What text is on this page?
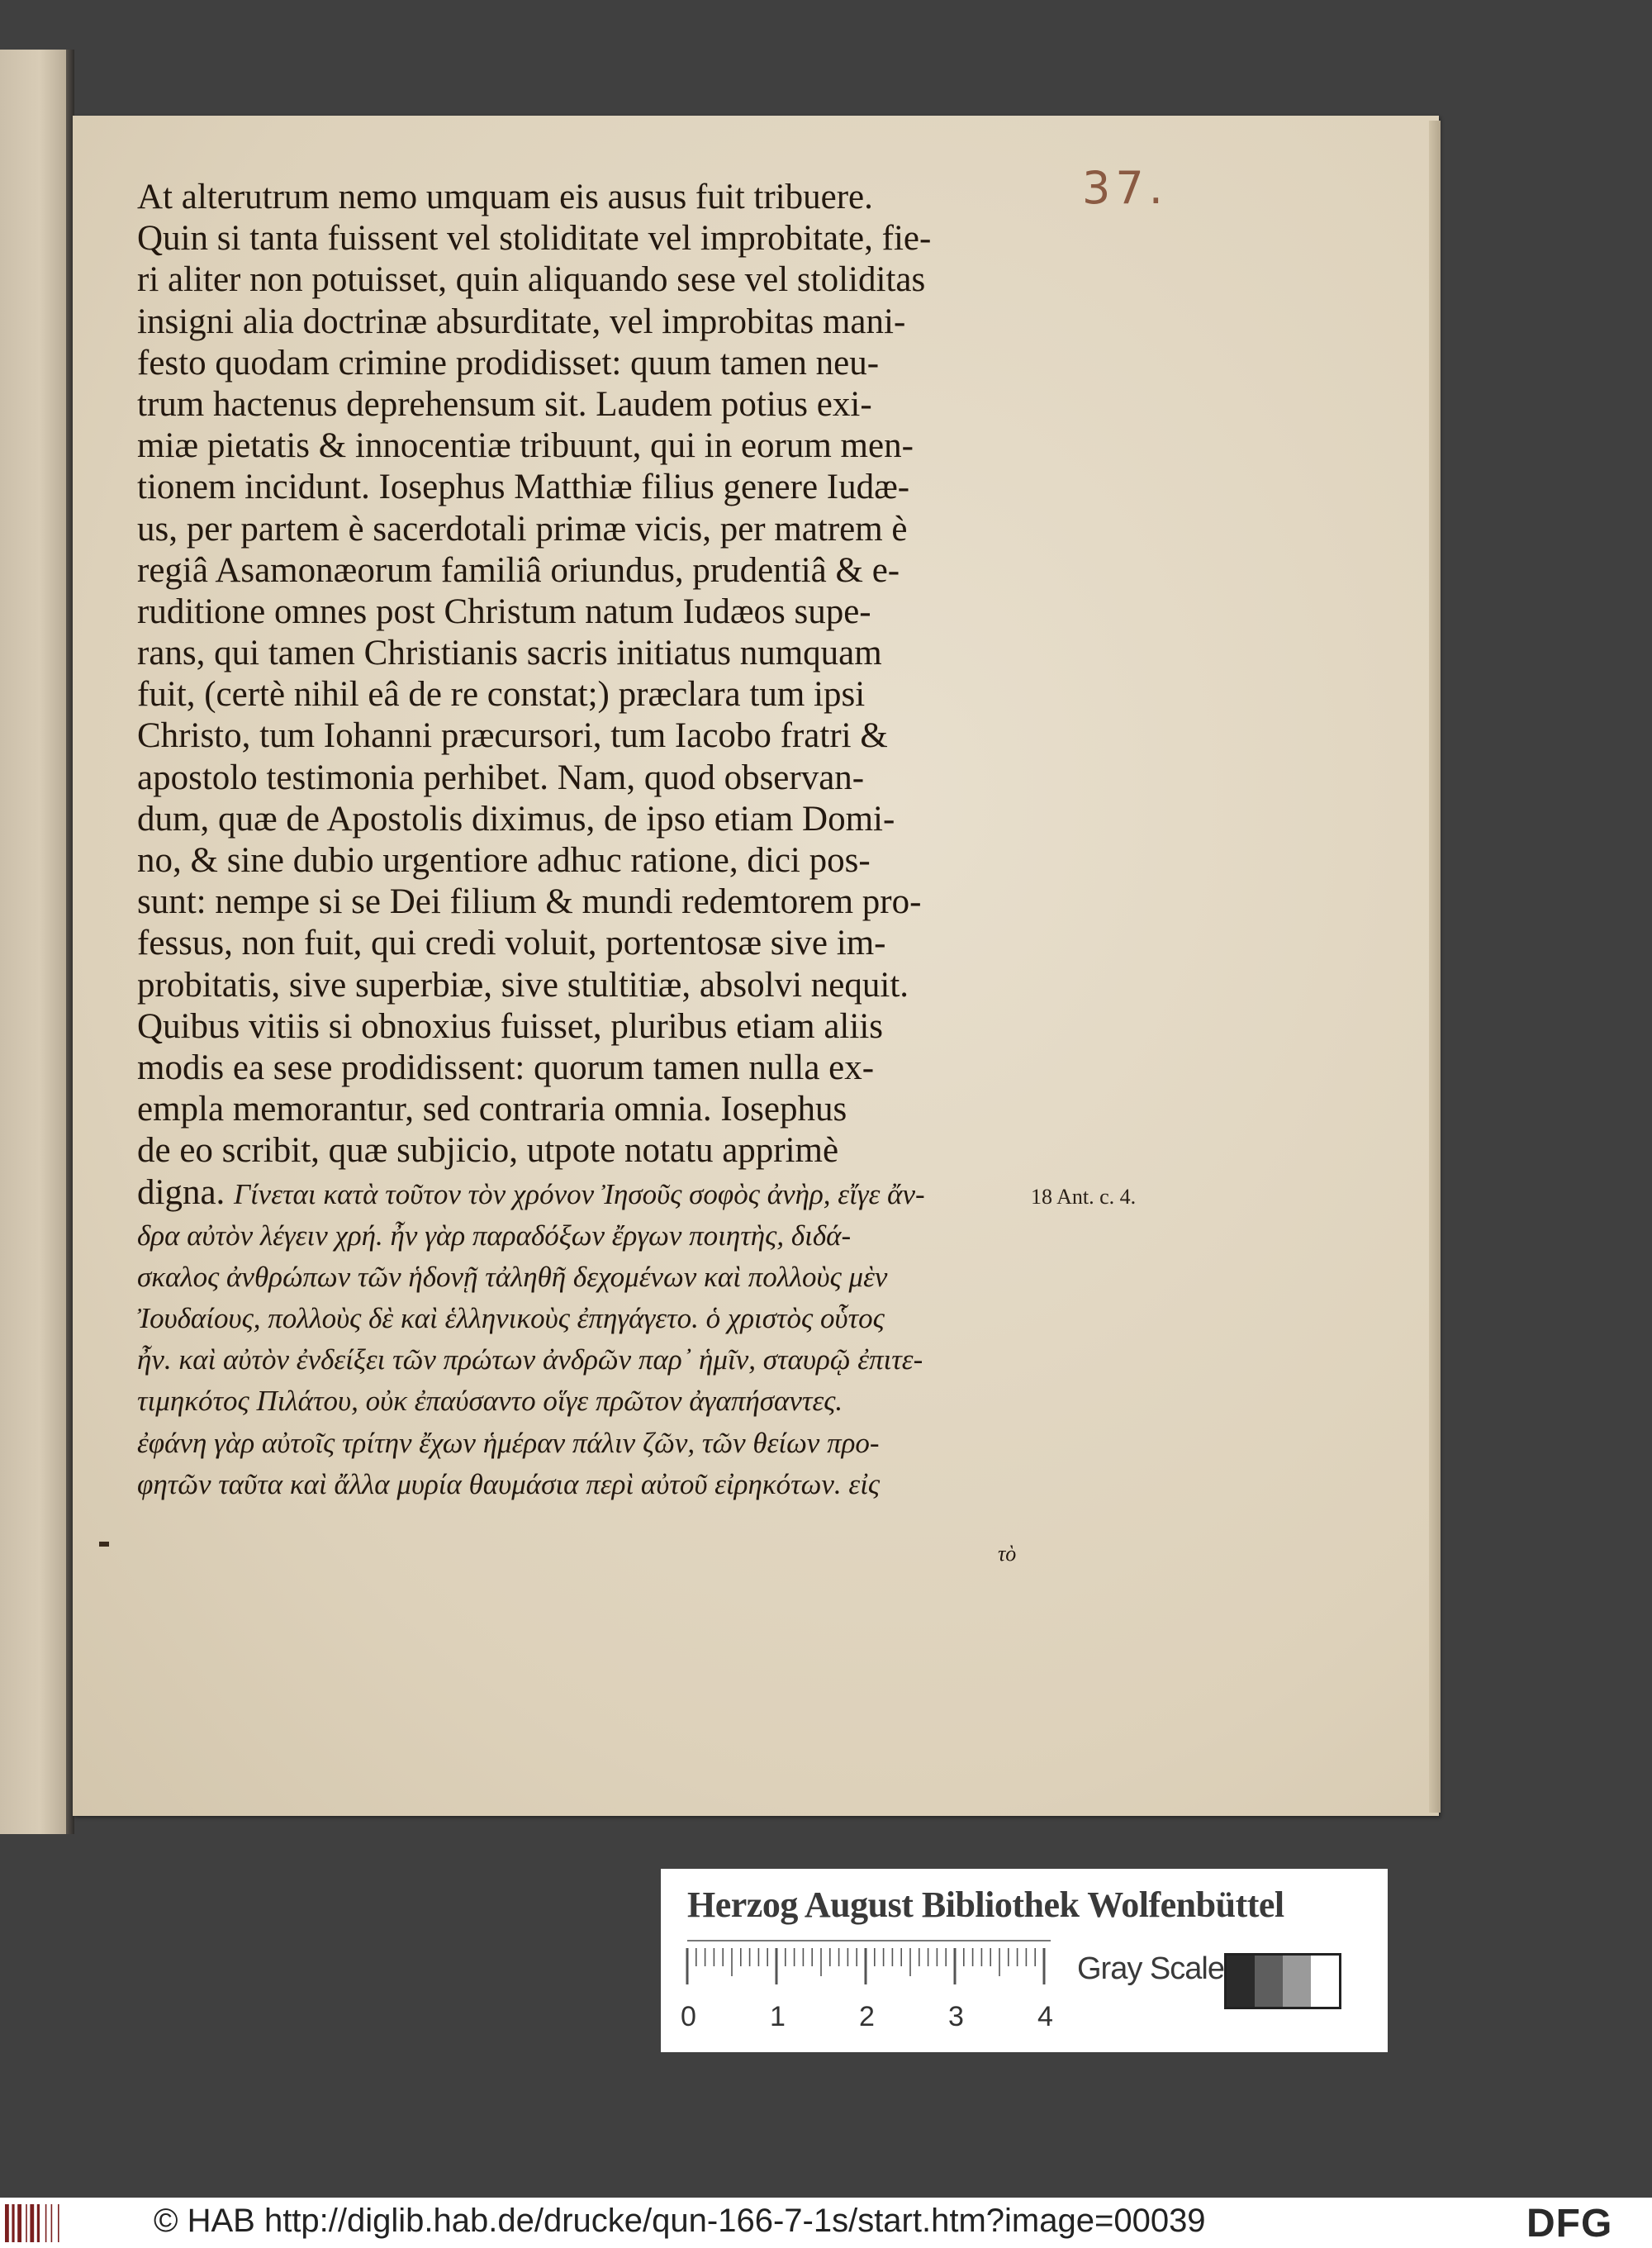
37.
At alterutrum nemo umquam eis ausus fuit tribuere.
Quin si tanta fuissent vel stoliditate vel improbitate, fie-
ri aliter non potuisset, quin aliquando sese vel stoliditas
insigni alia doctrinæ absurditate, vel improbitas mani-
festo quodam crimine prodidisset: quum tamen neu-
trum hactenus deprehensum sit. Laudem potius exi-
miæ pietatis & innocentiæ tribuunt, qui in eorum men-
tionem incidunt. Iosephus Matthiæ filius genere Iudæ-
us, per partem è sacerdotali primæ vicis, per matrem è
regiâ Asamonæorum familiâ oriundus, prudentiâ & e-
ruditione omnes post Christum natum Iudæos supe-
rans, qui tamen Christianis sacris initiatus numquam
fuit, (certè nihil eâ de re constat;) præclara tum ipsi
Christo, tum Iohanni præcursori, tum Iacobo fratri &
apostolo testimonia perhibet. Nam, quod observan-
dum, quæ de Apostolis diximus, de ipso etiam Domi-
no, & sine dubio urgentiore adhuc ratione, dici pos-
sunt: nempe si se Dei filium & mundi redemtorem pro-
fessus, non fuit, qui credi voluit, portentosæ sive im-
probitatis, sive superbiæ, sive stultitiæ, absolvi nequit.
Quibus vitiis si obnoxius fuisset, pluribus etiam aliis
modis ea sese prodidissent: quorum tamen nulla ex-
empla memorantur, sed contraria omnia. Iosephus
de eo scribit, quæ subjicio, utpote notatu apprimè
digna. Γίνεται κατὰ τοῦτον τὸν χρόνον Ἰησοῦς σοφὸς ἀνὴρ, εἴγε ἄν-
δρα αὐτὸν λέγειν χρή. ἦν γὰρ παραδόξων ἔργων ποιητὴς, διδά-
σκαλος ἀνθρώπων τῶν ἡδονῇ τἀληθῆ δεχομένων καὶ πολλοὺς μὲν
Ἰουδαίους, πολλοὺς δὲ καὶ ἑλληνικοὺς ἐπηγάγετο. ὁ χριστὸς οὗτος
ἦν. καὶ αὐτὸν ἐνδείξει τῶν πρώτων ἀνδρῶν παρ᾽ ἡμῖν, σταυρῷ ἐπιτε-
τιμηκότος Πιλάτου, οὐκ ἐπαύσαντο οἵγε πρῶτον ἀγαπήσαντες.
ἐφάνη γὰρ αὐτοῖς τρίτην ἔχων ἡμέραν πάλιν ζῶν, τῶν θείων προ-
φητῶν ταῦτα καὶ ἄλλα μυρία θαυμάσια περὶ αὐτοῦ εἰρηκότων. εἰς
18 Ant. c. 4.
τὸ
Herzog August Bibliothek Wolfenbüttel
0	1	2	3	4
Gray Scale
© HAB http://diglib.hab.de/drucke/qun-166-7-1s/start.htm?image=00039	DFG
